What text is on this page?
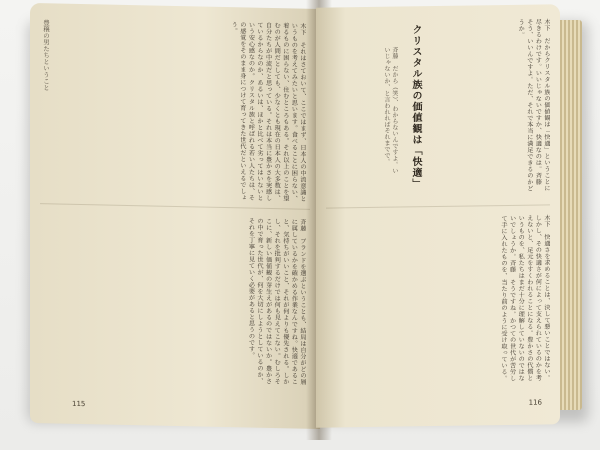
木下　それはさておいて、ここではまず、日本人の中流意識というものを考えてみたいと思います。食べることに困らない、着るものに困らない、住むところもある。それ以上のことを望むのが人間だとしても、少なくとも現在の日本人の大多数は、自分たちが中流だと思っている。それは本当に豊かさを実感しているからなのか、あるいは、ほかと比べて劣ってはいないという安心感なのか。クリスタル族と呼ばれる若い人たちは、その感覚をそのまま身につけて育ってきた世代だといえるでしょう。
斉藤　ブランドを選ぶということも、結局は自分がどの層に属しているかを確かめる作業なんですね。快適であること、気持ちがいいこと、それが何よりも優先される。しかし、それを批判するだけでは何も見えてこない。むしろそこに、新しい価値観の芽生えがあるのではないか。豊かさの中で育った世代が、何を大切にしようとしているのか、それを丁寧に見ていく必要があると思うのです。
豊穣の男たちということ
115
木下　だからクリスタル族の価値観は「快適」ということに尽きるわけです。いいじゃないですか、快適なのは。斉藤　そう、いいんですよ。ただ、それで本当に満足できるのかどうか。
クリスタル族の価値観は「快適」
斉藤　だから（笑）、わからないんですよ。いいじゃないか、と言われればそれまでで。
木下　快適さを求めることは、決して悪いことではない。しかし、その快適さが何によって支えられているのかを考えないと、足元をすくわれることになる。豊かさの代償というものを、私たちはまだ十分に理解していないのではないでしょうか。斉藤　そうですね。かつての世代が苦労して手に入れたものを、当たり前のように受け取っている。
116
